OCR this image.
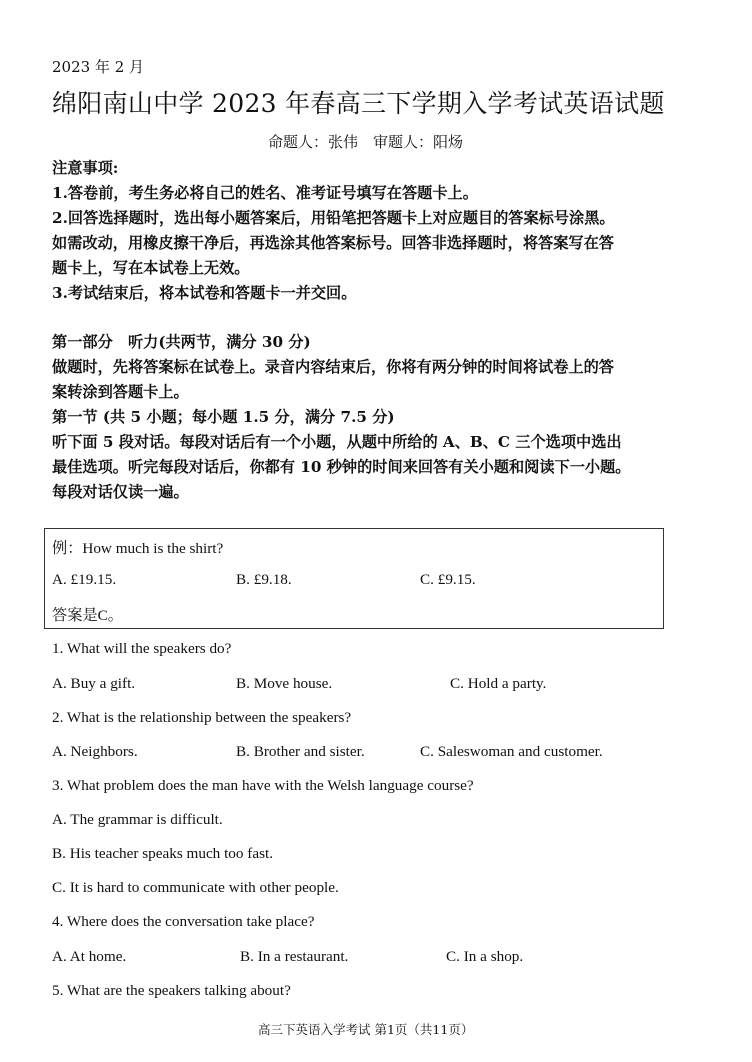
2023 年 2 月
绵阳南山中学 2023 年春高三下学期入学考试英语试题
命题人：张伟　审题人：阳炀
注意事项:
1.答卷前，考生务必将自己的姓名、准考证号填写在答题卡上。
2.回答选择题时，选出每小题答案后，用铅笔把答题卡上对应题目的答案标号涂黑。
如需改动，用橡皮擦干净后，再选涂其他答案标号。回答非选择题时，将答案写在答
题卡上，写在本试卷上无效。
3.考试结束后，将本试卷和答题卡一并交回。
第一部分　听力(共两节，满分 30 分)
做题时，先将答案标在试卷上。录音内容结束后，你将有两分钟的时间将试卷上的答
案转涂到答题卡上。
第一节 (共 5 小题；每小题 1.5 分，满分 7.5 分)
听下面 5 段对话。每段对话后有一个小题，从题中所给的 A、B、C 三个选项中选出
最佳选项。听完每段对话后，你都有 10 秒钟的时间来回答有关小题和阅读下一小题。
每段对话仅读一遍。
例：How much is the shirt?
A. £19.15.	B. £9.18.	C. £9.15.
答案是C。
1. What will the speakers do?
A. Buy a gift.	B. Move house.	C. Hold a party.
2. What is the relationship between the speakers?
A. Neighbors.	B. Brother and sister.	C. Saleswoman and customer.
3. What problem does the man have with the Welsh language course?
A. The grammar is difficult.
B. His teacher speaks much too fast.
C. It is hard to communicate with other people.
4. Where does the conversation take place?
A. At home.	B. In a restaurant.	C. In a shop.
5. What are the speakers talking about?
高三下英语入学考试 第1页（共11页）
